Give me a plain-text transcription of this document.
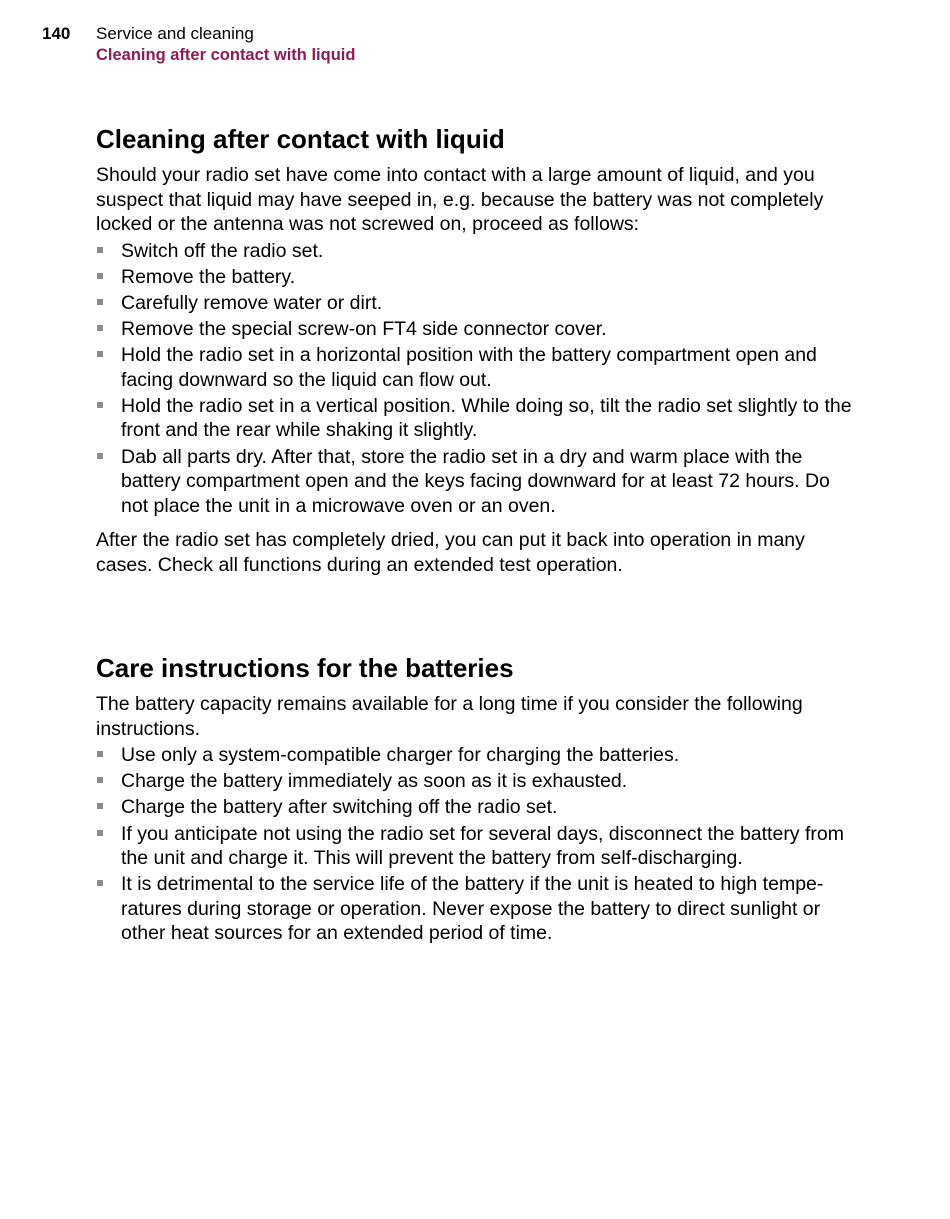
140	Service and cleaning
Cleaning after contact with liquid
Cleaning after contact with liquid

Should your radio set have come into contact with a large amount of liquid, and you suspect that liquid may have seeped in, e.g. because the battery was not completely locked or the antenna was not screwed on, proceed as follows:

Switch off the radio set.
Remove the battery.
Carefully remove water or dirt.
Remove the special screw-on FT4 side connector cover.
Hold the radio set in a horizontal position with the battery compartment open and facing downward so the liquid can flow out.
Hold the radio set in a vertical position. While doing so, tilt the radio set slightly to the front and the rear while shaking it slightly.
Dab all parts dry. After that, store the radio set in a dry and warm place with the battery compartment open and the keys facing downward for at least 72 hours. Do not place the unit in a microwave oven or an oven.

After the radio set has completely dried, you can put it back into operation in many cases. Check all functions during an extended test operation.

Care instructions for the batteries

The battery capacity remains available for a long time if you consider the following instructions.

Use only a system-compatible charger for charging the batteries.
Charge the battery immediately as soon as it is exhausted.
Charge the battery after switching off the radio set.
If you anticipate not using the radio set for several days, disconnect the battery from the unit and charge it. This will prevent the battery from self-discharging.
It is detrimental to the service life of the battery if the unit is heated to high tempe-ratures during storage or operation. Never expose the battery to direct sunlight or other heat sources for an extended period of time.
